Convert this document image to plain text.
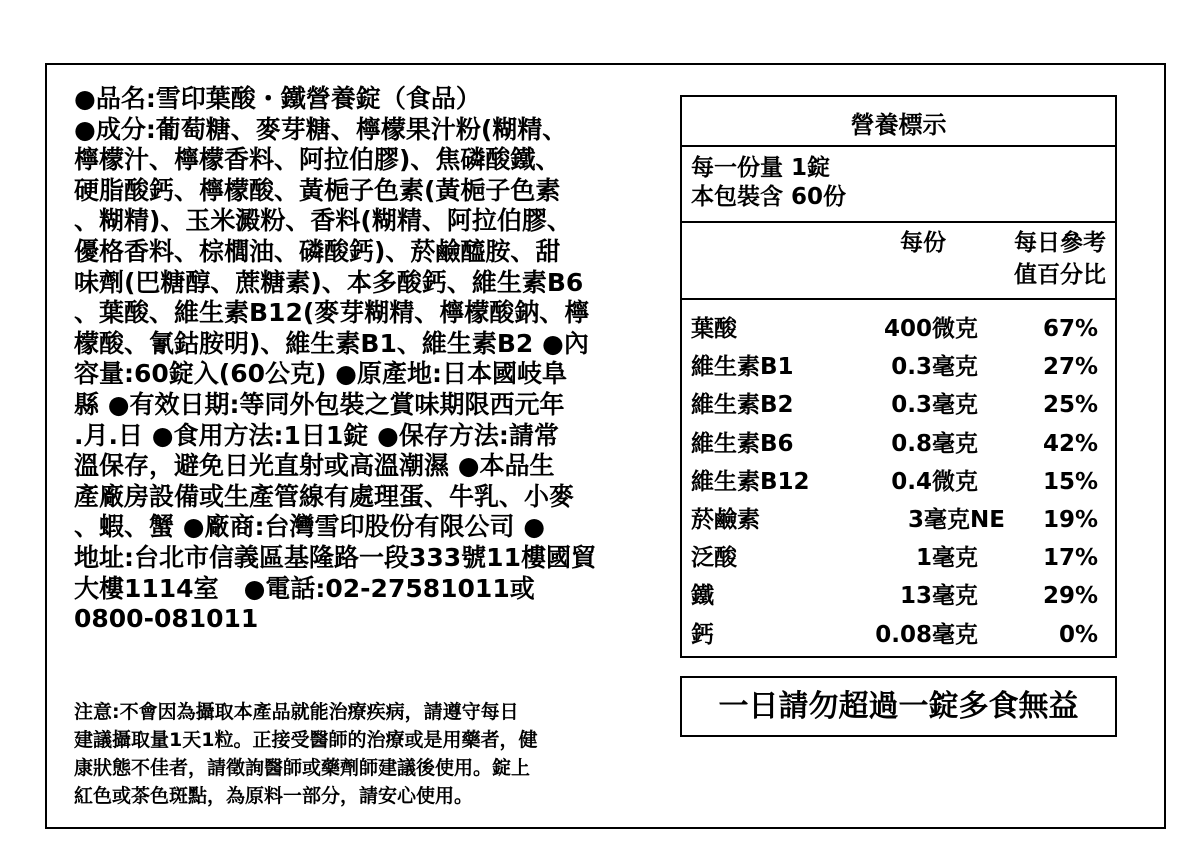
●品名:雪印葉酸・鐵營養錠（食品）
●成分:葡萄糖、麥芽糖、檸檬果汁粉(糊精、
檸檬汁、檸檬香料、阿拉伯膠)、焦磷酸鐵、
硬脂酸鈣、檸檬酸、黃梔子色素(黃梔子色素
、糊精)、玉米澱粉、香料(糊精、阿拉伯膠、
優格香料、棕櫚油、磷酸鈣)、菸鹼醯胺、甜
味劑(巴糖醇、蔗糖素)、本多酸鈣、維生素B6
、葉酸、維生素B12(麥芽糊精、檸檬酸鈉、檸
檬酸、氰鈷胺明)、維生素B1、維生素B2 ●內
容量:60錠入(60公克) ●原產地:日本國岐阜
縣 ●有效日期:等同外包裝之賞味期限西元年
.月.日 ●食用方法:1日1錠 ●保存方法:請常
溫保存，避免日光直射或高溫潮濕 ●本品生
產廠房設備或生產管線有處理蛋、牛乳、小麥
、蝦、蟹 ●廠商:台灣雪印股份有限公司 ●
地址:台北市信義區基隆路一段333號11樓國貿
大樓1114室　●電話:02-27581011或
0800-081011
注意:不會因為攝取本產品就能治療疾病，請遵守每日
建議攝取量1天1粒。正接受醫師的治療或是用藥者，健
康狀態不佳者，請徵詢醫師或藥劑師建議後使用。錠上
紅色或茶色斑點，為原料一部分，請安心使用。
營養標示
每一份量 1錠
本包裝含 60份
每份	每日參考
值百分比
葉酸	400微克	67%
維生素B1	0.3毫克	27%
維生素B2	0.3毫克	25%
維生素B6	0.8毫克	42%
維生素B12	0.4微克	15%
菸鹼素	3毫克NE 19%
泛酸	1毫克	17%
鐵	13毫克	29%
鈣	0.08毫克	0%
一日請勿超過一錠多食無益
